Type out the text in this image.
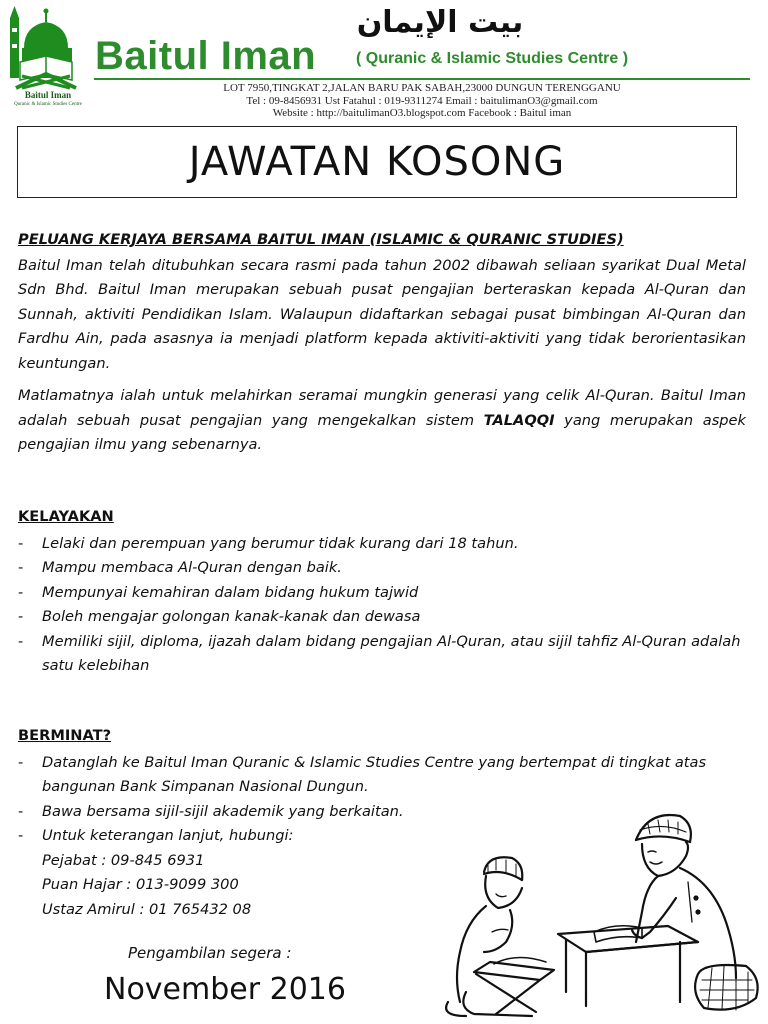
Baitul Iman
Quranic & Islamic Studies Centre
بيت الإيمان
Baitul Iman ( Quranic & Islamic Studies Centre )
LOT 7950,TINGKAT 2,JALAN BARU PAK SABAH,23000 DUNGUN TERENGGANU
Tel : 09-8456931 Ust Fatahul : 019-9311274 Email : baitulimanO3@gmail.com
Website : http://baitulimanO3.blogspot.com Facebook : Baitul iman
JAWATAN KOSONG
PELUANG KERJAYA BERSAMA BAITUL IMAN (ISLAMIC & QURANIC STUDIES)

Baitul Iman telah ditubuhkan secara rasmi pada tahun 2002 dibawah seliaan syarikat Dual Metal Sdn Bhd. Baitul Iman merupakan sebuah pusat pengajian berteraskan kepada Al-Quran dan Sunnah, aktiviti Pendidikan Islam. Walaupun didaftarkan sebagai pusat bimbingan Al-Quran dan Fardhu Ain, pada asasnya ia menjadi platform kepada aktiviti-aktiviti yang tidak berorientasikan keuntungan.

Matlamatnya ialah untuk melahirkan seramai mungkin generasi yang celik Al-Quran. Baitul Iman adalah sebuah pusat pengajian yang mengekalkan sistem TALAQQI yang merupakan aspek pengajian ilmu yang sebenarnya.

KELAYAKAN
- Lelaki dan perempuan yang berumur tidak kurang dari 18 tahun.
- Mampu membaca Al-Quran dengan baik.
- Mempunyai kemahiran dalam bidang hukum tajwid
- Boleh mengajar golongan kanak-kanak dan dewasa
- Memiliki sijil, diploma, ijazah dalam bidang pengajian Al-Quran, atau sijil tahfiz Al-Quran adalah satu kelebihan
BERMINAT?
- Datanglah ke Baitul Iman Quranic & Islamic Studies Centre yang bertempat di tingkat atas bangunan Bank Simpanan Nasional Dungun.
- Bawa bersama sijil-sijil akademik yang berkaitan.
- Untuk keterangan lanjut, hubungi:
Pejabat : 09-845 6931
Puan Hajar : 013-9099 300
Ustaz Amirul : 01 765432 08
Pengambilan segera :
November 2016
